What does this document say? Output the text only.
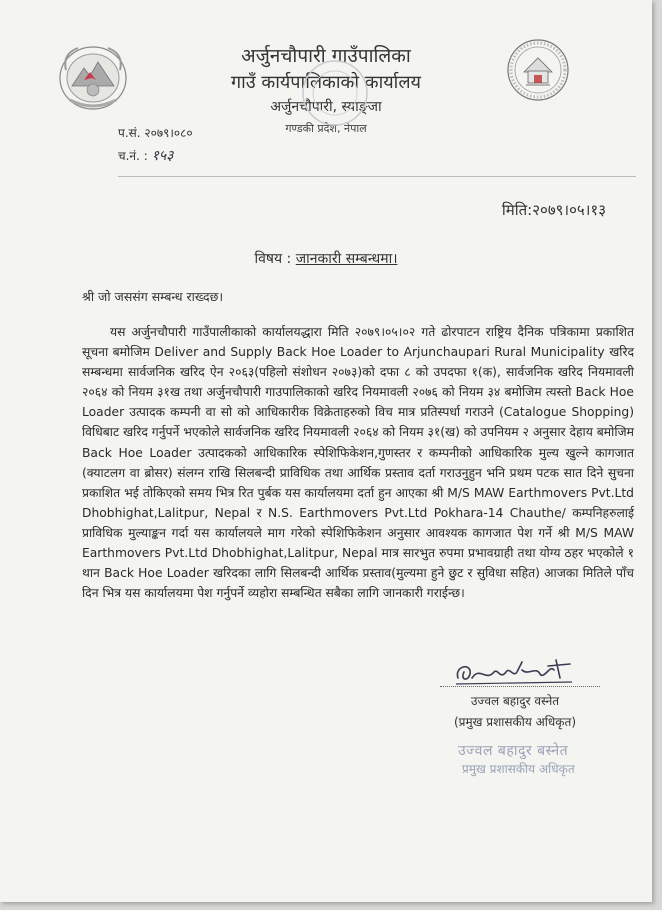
अर्जुनचौपारी गाउँपालिका
गाउँ कार्यपालिकाको कार्यालय
अर्जुनचौपारी, स्याङ्जा
गण्डकी प्रदेश, नेपाल
प.सं. २०७९।०८०
च.नं. : १५३
मिति:२०७९।०५।१३
विषय : जानकारी सम्बन्धमा।
श्री जो जससंग सम्बन्ध राख्दछ।
यस अर्जुनचौपारी गाउँपालीकाको कार्यालयद्धारा मिति २०७९।०५।०२ गते ढोरपाटन राष्ट्रिय दैनिक पत्रिकामा प्रकाशित सूचना बमोजिम Deliver and Supply Back Hoe Loader to Arjunchaupari Rural Municipality खरिद सम्बन्धमा सार्वजनिक खरिद ऐन २०६३(पहिलो संशोधन २०७३)को दफा ८ को उपदफा १(क), सार्वजनिक खरिद नियमावली २०६४ को नियम ३१ख तथा अर्जुनचौपारी गाउपालिकाको खरिद नियमावली २०७६ को नियम ३४ बमोजिम त्यस्तो Back Hoe Loader उत्पादक कम्पनी वा सो को आधिकारीक विक्रेताहरुको विच मात्र प्रतिस्पर्धा गराउने (Catalogue Shopping) विधिबाट खरिद गर्नुपर्ने भएकोले सार्वजनिक खरिद नियमावली २०६४ को नियम ३१(ख) को उपनियम २ अनुसार देहाय बमोजिम Back Hoe Loader उत्पादकको आधिकारिक स्पेशिफिकेशन,गुणस्तर र कम्पनीको आधिकारिक मुल्य खुल्ने कागजात (क्याटलग वा ब्रोसर) संलग्न राखि सिलबन्दी प्राविधिक तथा आर्थिक प्रस्ताव दर्ता गराउनुहुन भनि प्रथम पटक सात दिने सुचना प्रकाशित भई तोकिएको समय भित्र रित पुर्बक यस कार्यालयमा दर्ता हुन आएका श्री M/S MAW Earthmovers Pvt.Ltd Dhobhighat,Lalitpur, Nepal र N.S. Earthmovers Pvt.Ltd Pokhara-14 Chauthe/ कम्पनिहरुलाई प्राविधिक मुल्याङ्कन गर्दा यस कार्यालयले माग गरेको स्पेशिफिकेशन अनुसार आवश्यक कागजात पेश गर्ने श्री M/S MAW Earthmovers Pvt.Ltd Dhobhighat,Lalitpur, Nepal मात्र सारभुत रुपमा प्रभावग्राही तथा योग्य ठहर भएकोले १ थान Back Hoe Loader खरिदका लागि सिलबन्दी आर्थिक प्रस्ताव(मुल्यमा हुने छुट र सुविधा सहित) आजका मितिले पाँच दिन भित्र यस कार्यालयमा पेश गर्नुपर्ने व्यहोरा सम्बन्धित सबैका लागि जानकारी गराईन्छ।
उज्वल बहादुर वस्नेत
(प्रमुख प्रशासकीय अधिकृत)
उज्वल बहादुर बस्नेत
प्रमुख प्रशासकीय अधिकृत
